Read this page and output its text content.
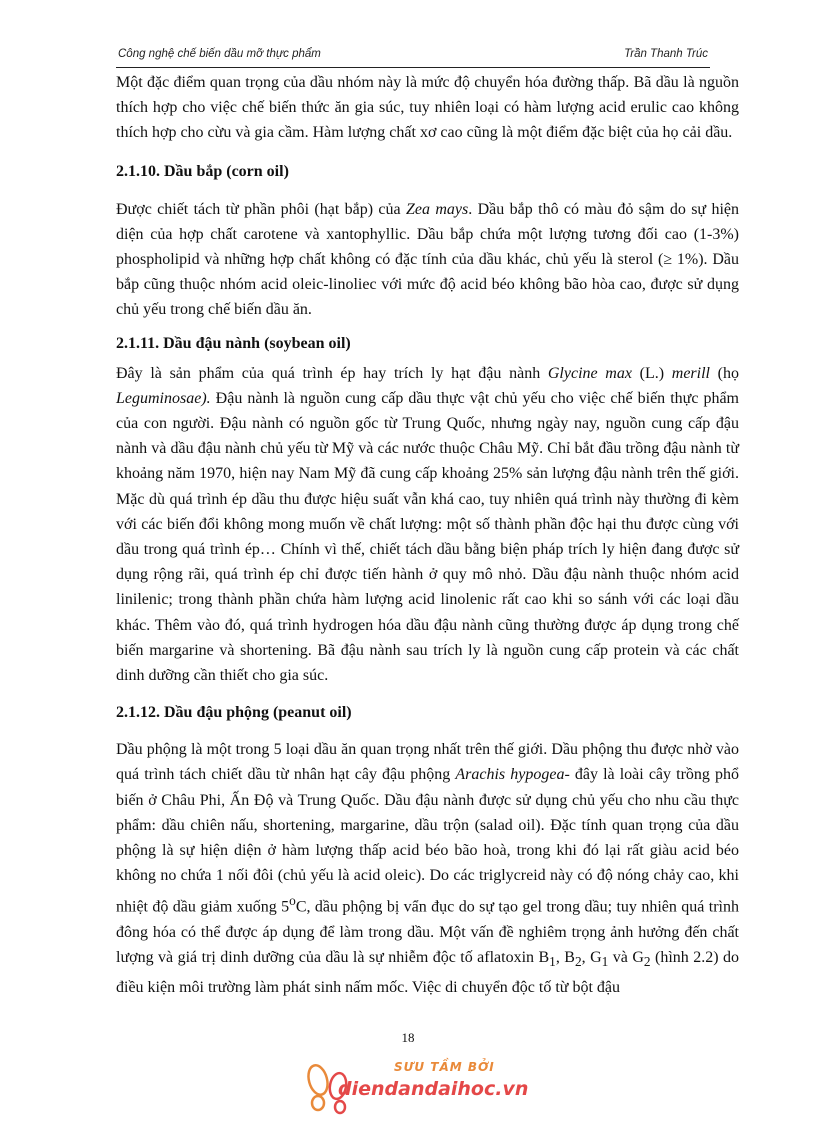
Công nghệ chế biến dầu mỡ thực phẩm	Trần Thanh Trúc

Một đặc điểm quan trọng của dầu nhóm này là mức độ chuyển hóa đường thấp. Bã dầu là nguồn thích hợp cho việc chế biến thức ăn gia súc, tuy nhiên loại có hàm lượng acid erulic cao không thích hợp cho cừu và gia cầm. Hàm lượng chất xơ cao cũng là một điểm đặc biệt của họ cải dầu.

2.1.10. Dầu bắp (corn oil)

Được chiết tách từ phần phôi (hạt bắp) của Zea mays. Dầu bắp thô có màu đỏ sậm do sự hiện diện của hợp chất carotene và xantophyllic. Dầu bắp chứa một lượng tương đối cao (1-3%) phospholipid và những hợp chất không có đặc tính của dầu khác, chủ yếu là sterol (≥ 1%). Dầu bắp cũng thuộc nhóm acid oleic-linoliec với mức độ acid béo không bão hòa cao, được sử dụng chủ yếu trong chế biến dầu ăn.

2.1.11. Dầu đậu nành (soybean oil)

Đây là sản phẩm của quá trình ép hay trích ly hạt đậu nành Glycine max (L.) merill (họ Leguminosae). Đậu nành là nguồn cung cấp dầu thực vật chủ yếu cho việc chế biến thực phẩm của con người. Đậu nành có nguồn gốc từ Trung Quốc, nhưng ngày nay, nguồn cung cấp đậu nành và dầu đậu nành chủ yếu từ Mỹ và các nước thuộc Châu Mỹ. Chỉ bắt đầu trồng đậu nành từ khoảng năm 1970, hiện nay Nam Mỹ đã cung cấp khoảng 25% sản lượng đậu nành trên thế giới. Mặc dù quá trình ép dầu thu được hiệu suất vẫn khá cao, tuy nhiên quá trình này thường đi kèm với các biến đổi không mong muốn về chất lượng: một số thành phần độc hại thu được cùng với dầu trong quá trình ép… Chính vì thế, chiết tách dầu bằng biện pháp trích ly hiện đang được sử dụng rộng rãi, quá trình ép chỉ được tiến hành ở quy mô nhỏ. Dầu đậu nành thuộc nhóm acid linilenic; trong thành phần chứa hàm lượng acid linolenic rất cao khi so sánh với các loại dầu khác. Thêm vào đó, quá trình hydrogen hóa dầu đậu nành cũng thường được áp dụng trong chế biến margarine và shortening. Bã đậu nành sau trích ly là nguồn cung cấp protein và các chất dinh dưỡng cần thiết cho gia súc.

2.1.12. Dầu đậu phộng (peanut oil)

Dầu phộng là một trong 5 loại dầu ăn quan trọng nhất trên thế giới. Dầu phộng thu được nhờ vào quá trình tách chiết dầu từ nhân hạt cây đậu phộng Arachis hypogea- đây là loài cây trồng phổ biến ở Châu Phi, Ấn Độ và Trung Quốc. Dầu đậu nành được sử dụng chủ yếu cho nhu cầu thực phẩm: dầu chiên nấu, shortening, margarine, dầu trộn (salad oil). Đặc tính quan trọng của dầu phộng là sự hiện diện ở hàm lượng thấp acid béo bão hoà, trong khi đó lại rất giàu acid béo không no chứa 1 nối đôi (chủ yếu là acid oleic). Do các triglycreid này có độ nóng chảy cao, khi nhiệt độ dầu giảm xuống 5$^o$C, dầu phộng bị vẩn đục do sự tạo gel trong dầu; tuy nhiên quá trình đông hóa có thể được áp dụng để làm trong dầu. Một vấn đề nghiêm trọng ảnh hưởng đến chất lượng và giá trị dinh dưỡng của dầu là sự nhiễm độc tố aflatoxin $B_1$, $B_2$, $G_1$ và $G_2$ (hình 2.2) do điều kiện môi trường làm phát sinh nấm mốc. Việc di chuyển độc tố từ bột đậu

18
SƯU TẦM BỞI
diendandaihoc.vn
